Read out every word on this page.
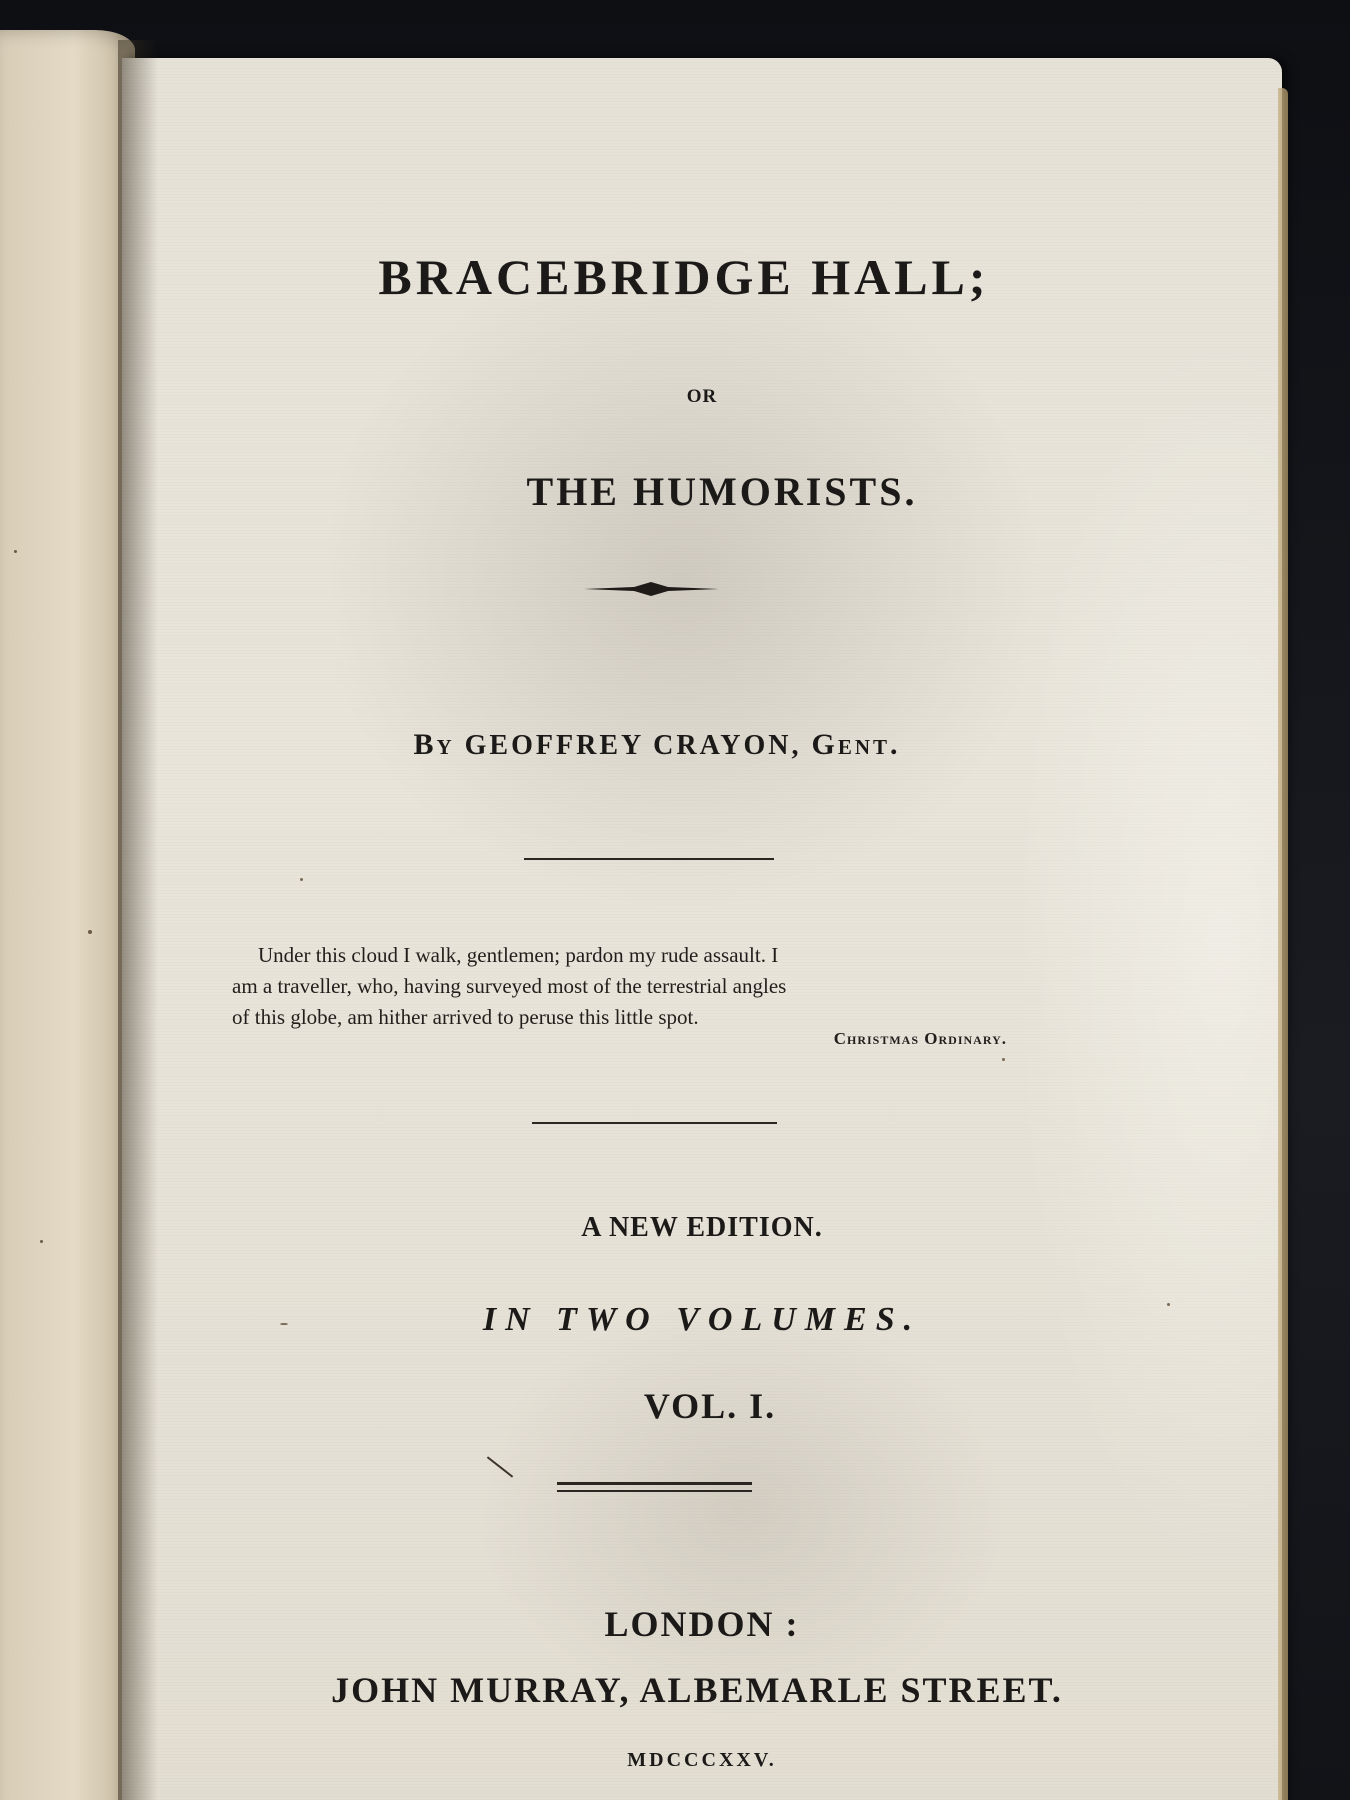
BRACEBRIDGE HALL;
OR
THE HUMORISTS.
By GEOFFREY CRAYON, Gent.
Under this cloud I walk, gentlemen; pardon my rude assault. I
am a traveller, who, having surveyed most of the terrestrial angles
of this globe, am hither arrived to peruse this little spot.
Christmas Ordinary.
A NEW EDITION.
IN TWO VOLUMES.
VOL. I.
LONDON :
JOHN MURRAY, ALBEMARLE STREET.
MDCCCXXV.
